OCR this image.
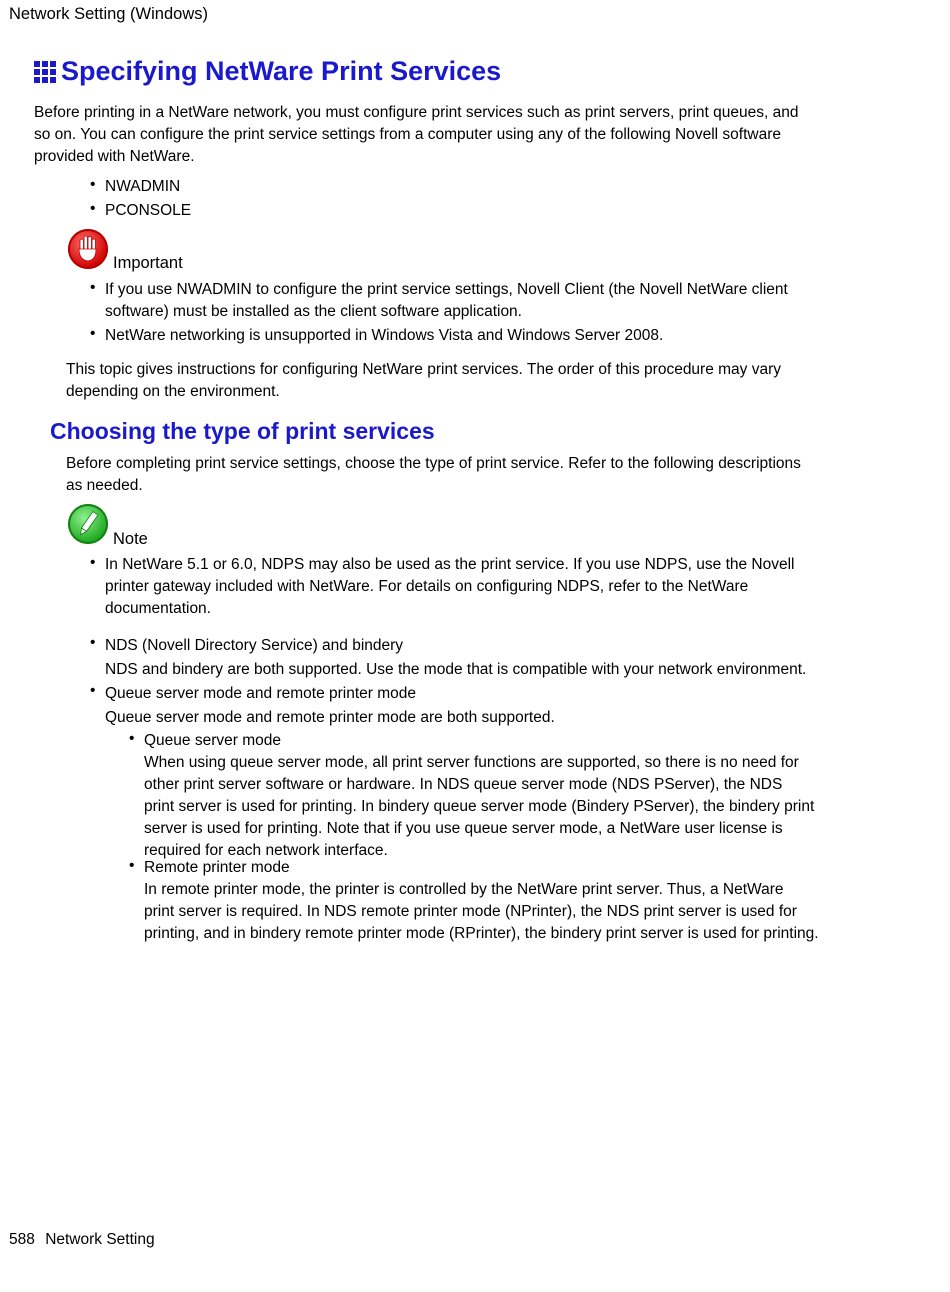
Network Setting (Windows)
Specifying NetWare Print Services
Before printing in a NetWare network, you must configure print services such as print servers, print queues, and
so on. You can configure the print service settings from a computer using any of the following Novell software
provided with NetWare.
• NWADMIN
• PCONSOLE
Important
• If you use NWADMIN to configure the print service settings, Novell Client (the Novell NetWare client
software) must be installed as the client software application.
• NetWare networking is unsupported in Windows Vista and Windows Server 2008.
This topic gives instructions for configuring NetWare print services. The order of this procedure may vary
depending on the environment.
Choosing the type of print services
Before completing print service settings, choose the type of print service. Refer to the following descriptions
as needed.
Note
• In NetWare 5.1 or 6.0, NDPS may also be used as the print service. If you use NDPS, use the Novell
printer gateway included with NetWare. For details on configuring NDPS, refer to the NetWare
documentation.
• NDS (Novell Directory Service) and bindery
NDS and bindery are both supported. Use the mode that is compatible with your network environment.
• Queue server mode and remote printer mode
Queue server mode and remote printer mode are both supported.
• Queue server mode
When using queue server mode, all print server functions are supported, so there is no need for
other print server software or hardware. In NDS queue server mode (NDS PServer), the NDS
print server is used for printing. In bindery queue server mode (Bindery PServer), the bindery print
server is used for printing. Note that if you use queue server mode, a NetWare user license is
required for each network interface.
• Remote printer mode
In remote printer mode, the printer is controlled by the NetWare print server. Thus, a NetWare
print server is required. In NDS remote printer mode (NPrinter), the NDS print server is used for
printing, and in bindery remote printer mode (RPrinter), the bindery print server is used for printing.
588 Network Setting
